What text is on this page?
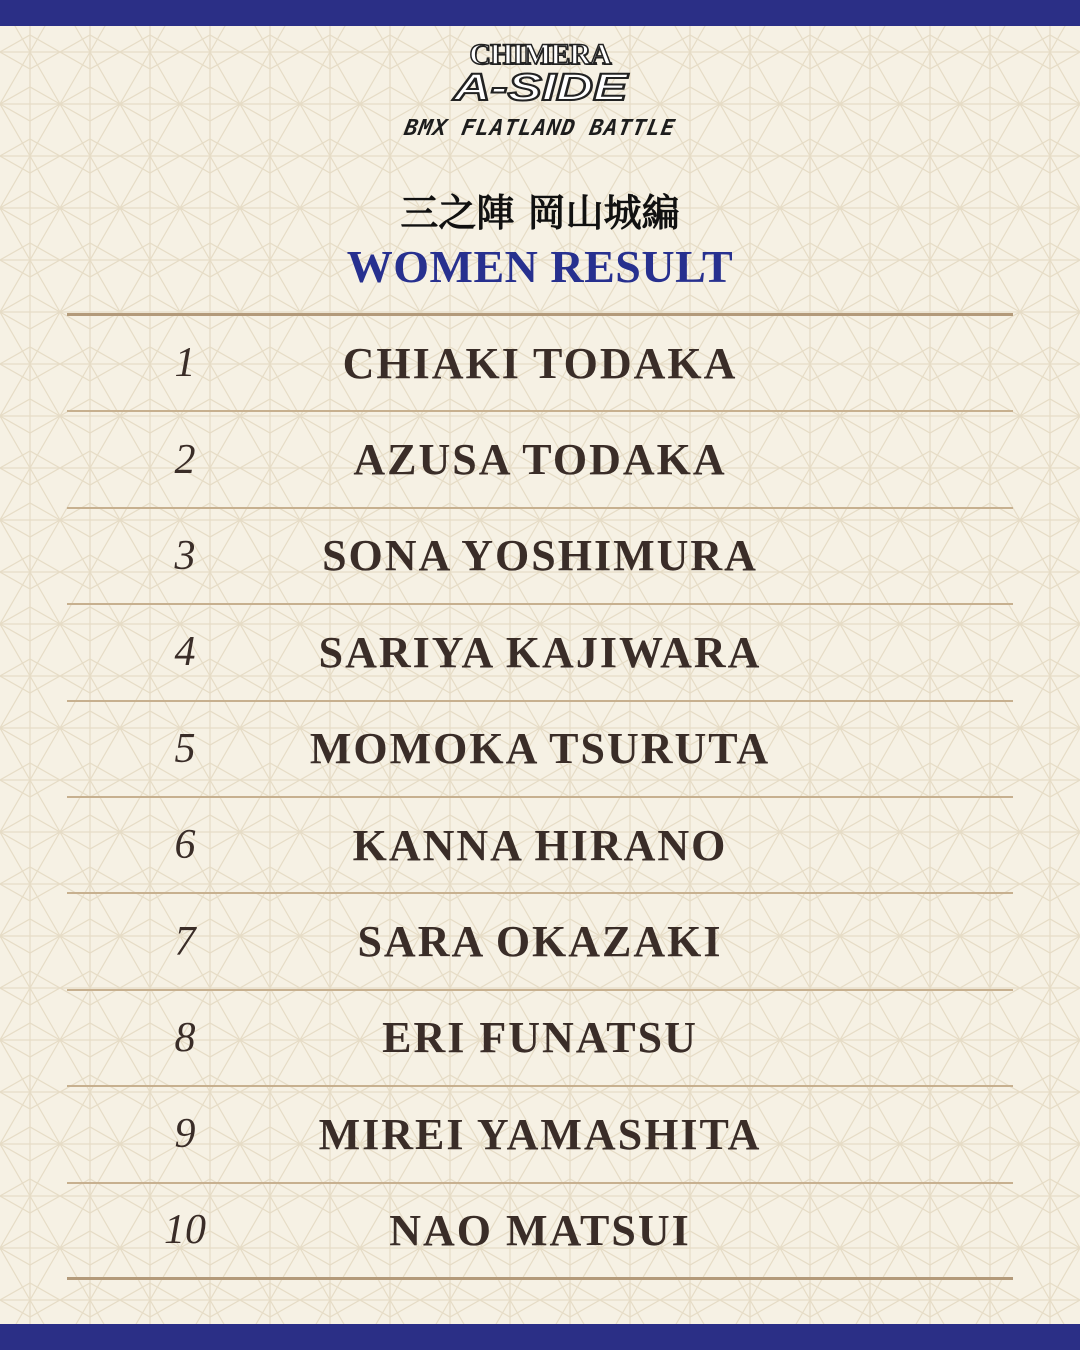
CHIMERA
A-SIDE
BMX FLATLAND BATTLE
三之陣 岡山城編
WOMEN RESULT
1	CHIAKI TODAKA
2	AZUSA TODAKA
3	SONA YOSHIMURA
4	SARIYA KAJIWARA
5	MOMOKA TSURUTA
6	KANNA HIRANO
7	SARA OKAZAKI
8	ERI FUNATSU
9	MIREI YAMASHITA
10	NAO MATSUI
